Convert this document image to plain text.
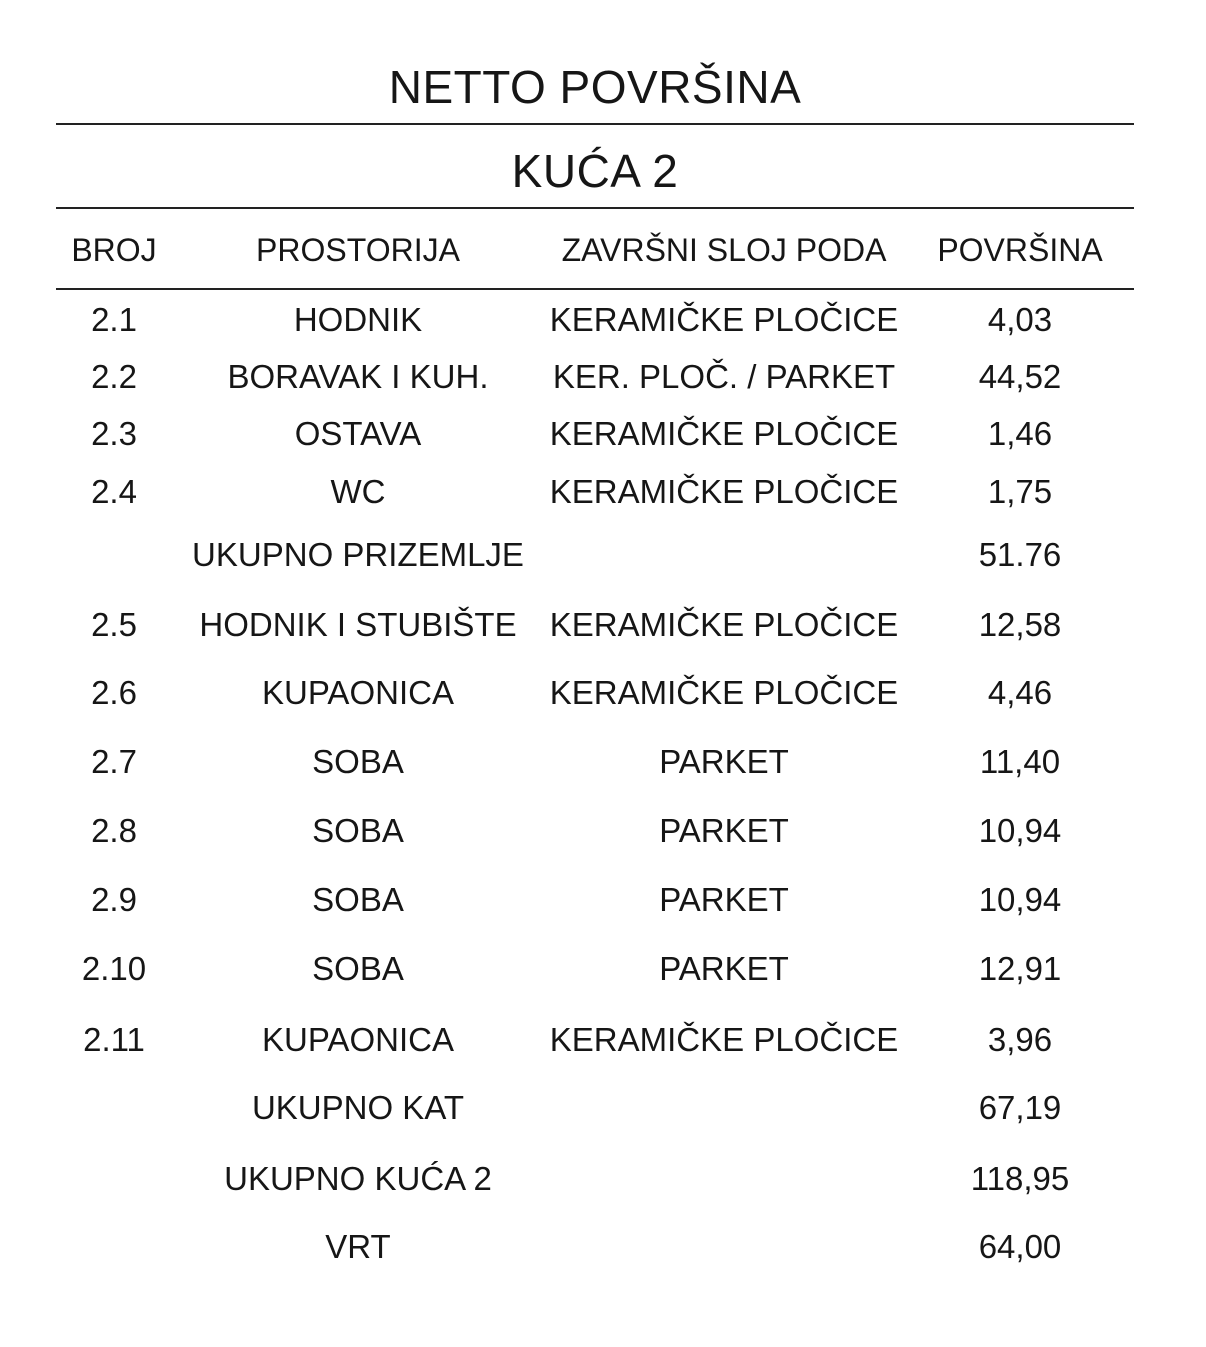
NETTO POVRŠINA
KUĆA 2
BROJ	PROSTORIJA	ZAVRŠNI SLOJ PODA	POVRŠINA
2.1	HODNIK	KERAMIČKE PLOČICE	4,03
2.2	BORAVAK I KUH.	KER. PLOČ. / PARKET	44,52
2.3	OSTAVA	KERAMIČKE PLOČICE	1,46
2.4	WC	KERAMIČKE PLOČICE	1,75
UKUPNO PRIZEMLJE	51.76
2.5	HODNIK I STUBIŠTE	KERAMIČKE PLOČICE	12,58
2.6	KUPAONICA	KERAMIČKE PLOČICE	4,46
2.7	SOBA	PARKET	11,40
2.8	SOBA	PARKET	10,94
2.9	SOBA	PARKET	10,94
2.10	SOBA	PARKET	12,91
2.11	KUPAONICA	KERAMIČKE PLOČICE	3,96
UKUPNO KAT	67,19
UKUPNO KUĆA 2	118,95
VRT	64,00
